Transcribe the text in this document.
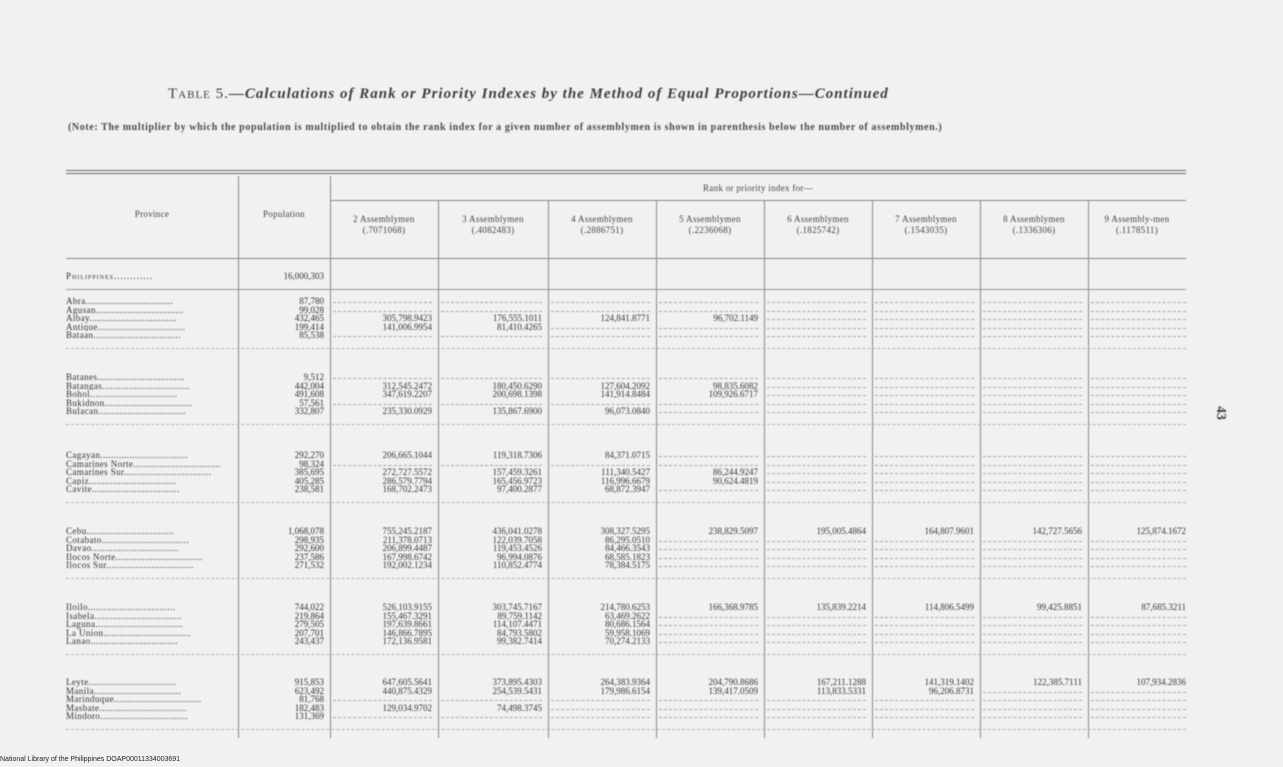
Table 5.—Calculations of Rank or Priority Indexes by the Method of Equal Proportions—Continued
(Note: The multiplier by which the population is multiplied to obtain the rank index for a given number of assemblymen is shown in parenthesis below the number of assemblymen.)
Province	Population
Rank or priority index for—
2 Assemblymen
(.7071068)
3 Assemblymen
(.4082483)
4 Assemblymen
(.2886751)
5 Assemblymen
(.2236068)
6 Assemblymen
(.1825742)
7 Assemblymen
(.1543035)
8 Assemblymen
(.1336306)
9 Assembly-men
(.1178511)
Philippines............	16,000,303
Abra.................................	87,780
Agusan.................................	99,028
Albay.................................	432,465	305,798.9423	176,555.1011	124,841.8771	96,702.1149
Antique.................................	199,414	141,006.9954	81,410.4265
Bataan.................................	85,538
Batanes.................................	9,512
Batangas.................................	442,004	312,545.2472	180,450.6290	127,604.2092	98,835.6082
Bohol.................................	491,608	347,619.2207	200,698.1398	141,914.8484	109,926.6717
Bukidnon.................................	57,561
Bulacan.................................	332,807	235,330.0929	135,867.6900	96,073.0840
Cagayan.................................	292,270	206,665.1044	119,318.7306	84,371.0715
Camarines Norte.................................	98,324
Camarines Sur.................................	385,695	272,727.5572	157,459.3261	111,340.5427	86,244.9247
Capiz.................................	405,285	286,579.7794	165,456.9723	116,996.6679	90,624.4819
Cavite.................................	238,581	168,702.2473	97,400.2877	68,872.3947
Cebu.................................	1,068,078	755,245.2187	436,041.0278	308,327.5295	238,829.5097	195,005.4864	164,807.9601	142,727.5656	125,874.1672
Cotabato.................................	298,935	211,378.0713	122,039.7058	86,295.0510
Davao.................................	292,600	206,899.4487	119,453.4526	84,466.3543
Ilocos Norte.................................	237,586	167,998.6742	96,994.0876	68,585.1823
Ilocos Sur.................................	271,532	192,002.1234	110,852.4774	78,384.5175
Iloilo.................................	744,022	526,103.9155	303,745.7167	214,780.6253	166,368.9785	135,839.2214	114,806.5499	99,425.8851	87,685.3211
Isabela.................................	219,864	155,467.3291	89,759.1142	63,469.2622
Laguna.................................	279,505	197,639.8661	114,107.4471	80,686.1564
La Union.................................	207,701	146,866.7895	84,793.5802	59,958.1069
Lanao.................................	243,437	172,136.9581	99,382.7414	70,274.2133
Leyte.................................	915,853	647,605.5641	373,895.4303	264,383.9364	204,790.8686	167,211.1288	141,319.1402	122,385.7111	107,934.2836
Manila.................................	623,492	440,875.4329	254,539.5431	179,986.6154	139,417.0509	113,833.5331	96,206.8731
Marinduque.................................	81,768
Masbate.................................	182,483	129,034.9702	74,498.3745
Mindoro.................................	131,369
43
National Library of the Philippines DOAP00011334003691
